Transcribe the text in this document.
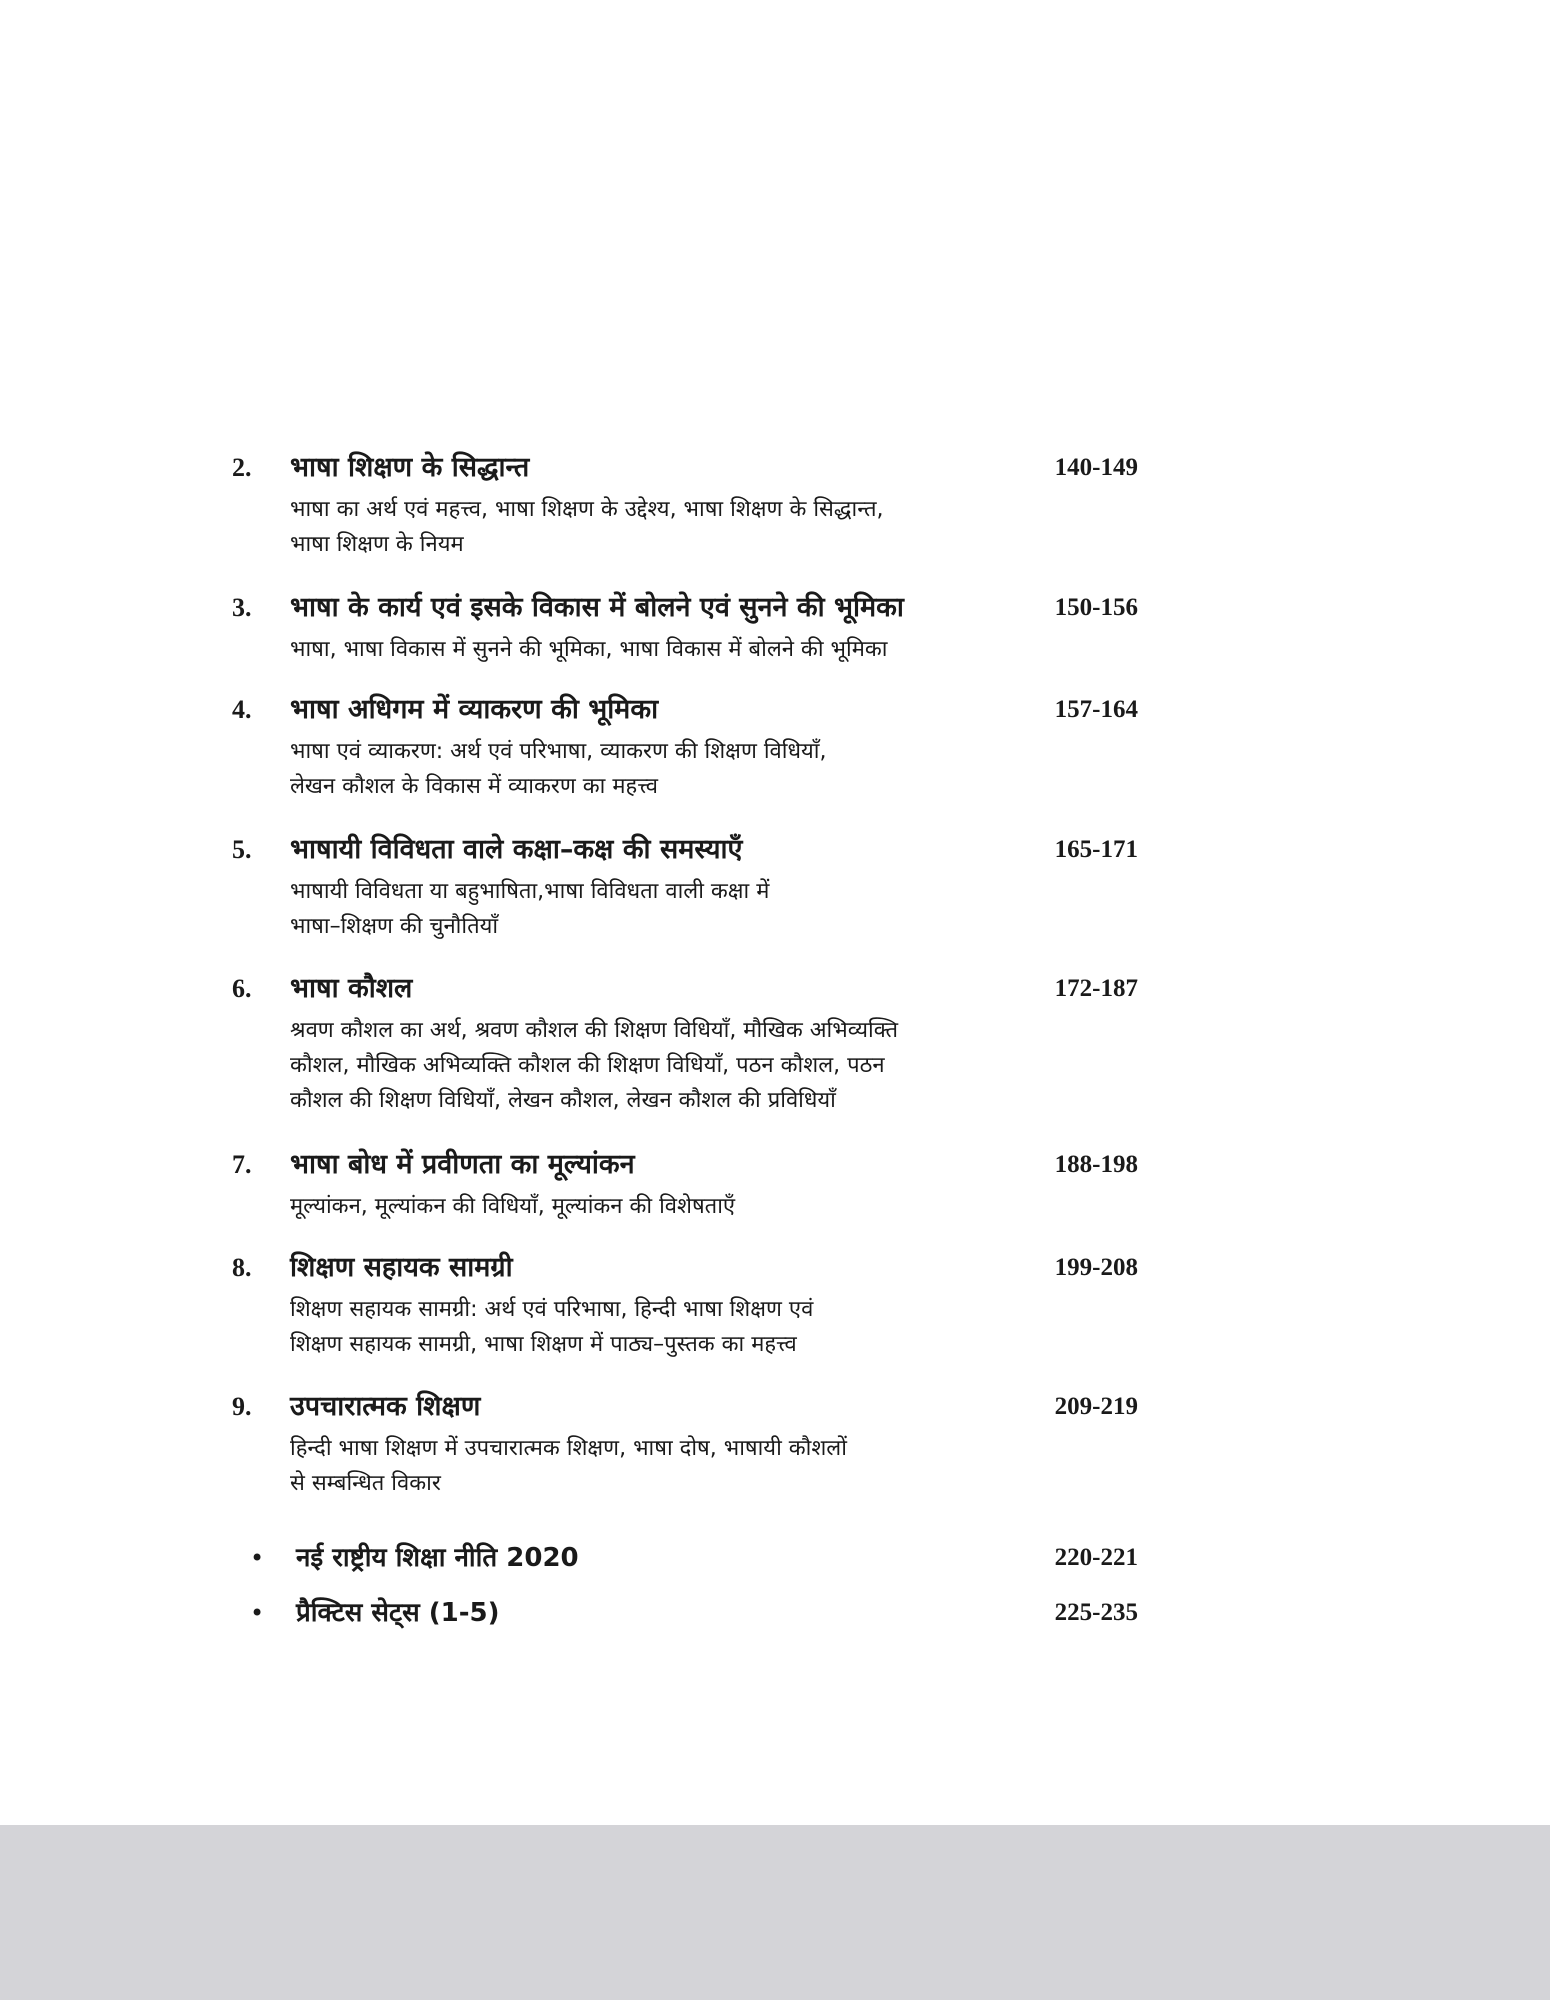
2.	भाषा शिक्षण के सिद्धान्त	140-149
भाषा का अर्थ एवं महत्त्व, भाषा शिक्षण के उद्देश्य, भाषा शिक्षण के सिद्धान्त,
भाषा शिक्षण के नियम
3.	भाषा के कार्य एवं इसके विकास में बोलने एवं सुनने की भूमिका	150-156
भाषा, भाषा विकास में सुनने की भूमिका, भाषा विकास में बोलने की भूमिका
4.	भाषा अधिगम में व्याकरण की भूमिका	157-164
भाषा एवं व्याकरण: अर्थ एवं परिभाषा, व्याकरण की शिक्षण विधियाँ,
लेखन कौशल के विकास में व्याकरण का महत्त्व
5.	भाषायी विविधता वाले कक्षा–कक्ष की समस्याएँ	165-171
भाषायी विविधता या बहुभाषिता,भाषा विविधता वाली कक्षा में
भाषा–शिक्षण की चुनौतियाँ
6.	भाषा कौशल	172-187
श्रवण कौशल का अर्थ, श्रवण कौशल की शिक्षण विधियाँ, मौखिक अभिव्यक्ति
कौशल, मौखिक अभिव्यक्ति कौशल की शिक्षण विधियाँ, पठन कौशल, पठन
कौशल की शिक्षण विधियाँ, लेखन कौशल, लेखन कौशल की प्रविधियाँ
7.	भाषा बोध में प्रवीणता का मूल्यांकन	188-198
मूल्यांकन, मूल्यांकन की विधियाँ, मूल्यांकन की विशेषताएँ
8.	शिक्षण सहायक सामग्री	199-208
शिक्षण सहायक सामग्री: अर्थ एवं परिभाषा, हिन्दी भाषा शिक्षण एवं
शिक्षण सहायक सामग्री, भाषा शिक्षण में पाठ्य–पुस्तक का महत्त्व
9.	उपचारात्मक शिक्षण	209-219
हिन्दी भाषा शिक्षण में उपचारात्मक शिक्षण, भाषा दोष, भाषायी कौशलों
से सम्बन्धित विकार
• नई राष्ट्रीय शिक्षा नीति 2020	220-221
• प्रैक्टिस सेट्स (1-5)	225-235
